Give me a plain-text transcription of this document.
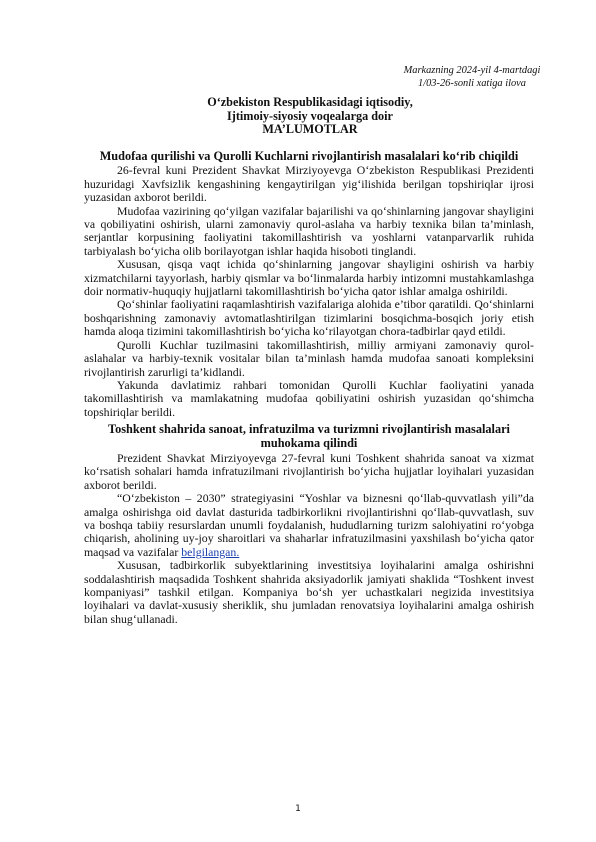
Markazning 2024-yil 4-martdagi
1/03-26-sonli xatiga ilova
O‘zbekiston Respublikasidagi iqtisodiy,
Ijtimoiy-siyosiy voqealarga doir
MA’LUMOTLAR
Mudofaa qurilishi va Qurolli Kuchlarni rivojlantirish masalalari ko‘rib chiqildi

26-fevral kuni Prezident Shavkat Mirziyoyevga O‘zbekiston Respublikasi Prezidenti huzuridagi Xavfsizlik kengashining kengaytirilgan yig‘ilishida berilgan topshiriqlar ijrosi yuzasidan axborot berildi.

Mudofaa vazirining qo‘yilgan vazifalar bajarilishi va qo‘shinlarning jangovar shayligini va qobiliyatini oshirish, ularni zamonaviy qurol-aslaha va harbiy texnika bilan ta’minlash, serjantlar korpusining faoliyatini takomillashtirish va yoshlarni vatanparvarlik ruhida tarbiyalash bo‘yicha olib borilayotgan ishlar haqida hisoboti tinglandi.

Xususan, qisqa vaqt ichida qo‘shinlarning jangovar shayligini oshirish va harbiy xizmatchilarni tayyorlash, harbiy qismlar va bo‘linmalarda harbiy intizomni mustahkamlashga doir normativ-huquqiy hujjatlarni takomillashtirish bo‘yicha qator ishlar amalga oshirildi.

Qo‘shinlar faoliyatini raqamlashtirish vazifalariga alohida e’tibor qaratildi. Qo‘shinlarni boshqarishning zamonaviy avtomatlashtirilgan tizimlarini bosqichma-bosqich joriy etish hamda aloqa tizimini takomillashtirish bo‘yicha ko‘rilayotgan chora-tadbirlar qayd etildi.

Qurolli Kuchlar tuzilmasini takomillashtirish, milliy armiyani zamonaviy qurol-aslahalar va harbiy-texnik vositalar bilan ta’minlash hamda mudofaa sanoati kompleksini rivojlantirish zarurligi ta’kidlandi.

Yakunda davlatimiz rahbari tomonidan Qurolli Kuchlar faoliyatini yanada takomillashtirish va mamlakatning mudofaa qobiliyatini oshirish yuzasidan qo‘shimcha topshiriqlar berildi.

Toshkent shahrida sanoat, infratuzilma va turizmni rivojlantirish masalalari
muhokama qilindi

Prezident Shavkat Mirziyoyevga 27-fevral kuni Toshkent shahrida sanoat va xizmat ko‘rsatish sohalari hamda infratuzilmani rivojlantirish bo‘yicha hujjatlar loyihalari yuzasidan axborot berildi.

“O‘zbekiston – 2030” strategiyasini “Yoshlar va biznesni qo‘llab-quvvatlash yili”da amalga oshirishga oid davlat dasturida tadbirkorlikni rivojlantirishni qo‘llab-quvvatlash, suv va boshqa tabiiy resurslardan unumli foydalanish, hududlarning turizm salohiyatini ro‘yobga chiqarish, aholining uy-joy sharoitlari va shaharlar infratuzilmasini yaxshilash bo‘yicha qator maqsad va vazifalar belgilangan.

Xususan, tadbirkorlik subyektlarining investitsiya loyihalarini amalga oshirishni soddalashtirish maqsadida Toshkent shahrida aksiyadorlik jamiyati shaklida “Toshkent invest kompaniyasi” tashkil etilgan. Kompaniya bo‘sh yer uchastkalari negizida investitsiya loyihalari va davlat-xususiy sheriklik, shu jumladan renovatsiya loyihalarini amalga oshirish bilan shug‘ullanadi.

1
